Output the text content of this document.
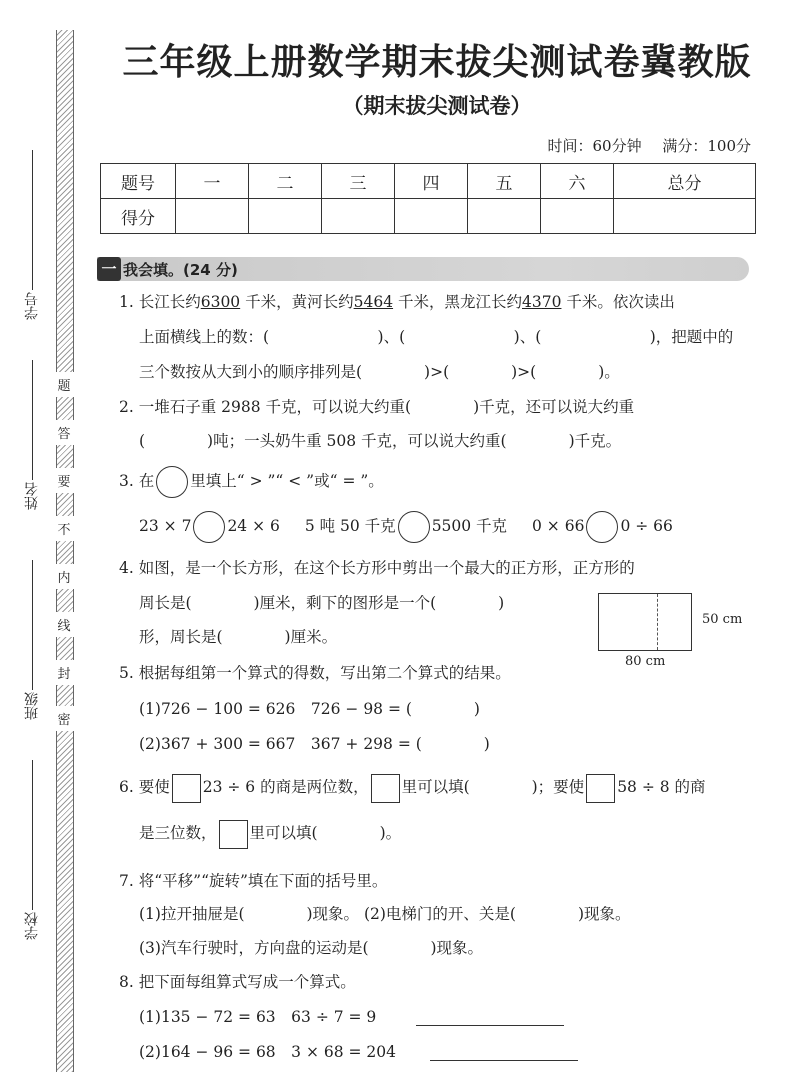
学号
姓名
班级
学校
题
答
要
不
内
线
封
密
三年级上册数学期末拔尖测试卷冀教版
（期末拔尖测试卷）
时间：60分钟 满分：100分
题号	一	二	三	四	五	六	总分
得分							
一 我会填。(24 分)
1. 长江长约6300 千米，黄河长约5464 千米，黑龙江长约4370 千米。依次读出
上面横线上的数：(　　　　　　　)、(　　　　　　　)、(　　　　　　　)，把题中的
三个数按从大到小的顺序排列是(　　　　)>(　　　　)>(　　　　)。
2. 一堆石子重 2988 千克，可以说大约重(　　　　)千克，还可以说大约重
(　　　　)吨；一头奶牛重 508 千克，可以说大约重(　　　　)千克。
3. 在 里填上“ > ”“ < ”或“ = ”。
23 × 7 24 × 6 5 吨 50 千克 5500 千克 0 × 66 0 ÷ 66
4. 如图，是一个长方形，在这个长方形中剪出一个最大的正方形，正方形的
周长是(　　　　)厘米，剩下的图形是一个(　　　　)
形，周长是(　　　　)厘米。
50 cm
80 cm
5. 根据每组第一个算式的得数，写出第二个算式的结果。
(1)726 − 100 = 626　726 − 98 = (　　　　)
(2)367 + 300 = 667　367 + 298 = (　　　　)
6. 要使 23 ÷ 6 的商是两位数， 里可以填(　　　　)；要使 58 ÷ 8 的商
是三位数， 里可以填(　　　　)。
7. 将“平移”“旋转”填在下面的括号里。
(1)拉开抽屉是(　　　　)现象。 (2)电梯门的开、关是(　　　　)现象。
(3)汽车行驶时，方向盘的运动是(　　　　)现象。
8. 把下面每组算式写成一个算式。
(1)135 − 72 = 63　63 ÷ 7 = 9
(2)164 − 96 = 68　3 × 68 = 204
